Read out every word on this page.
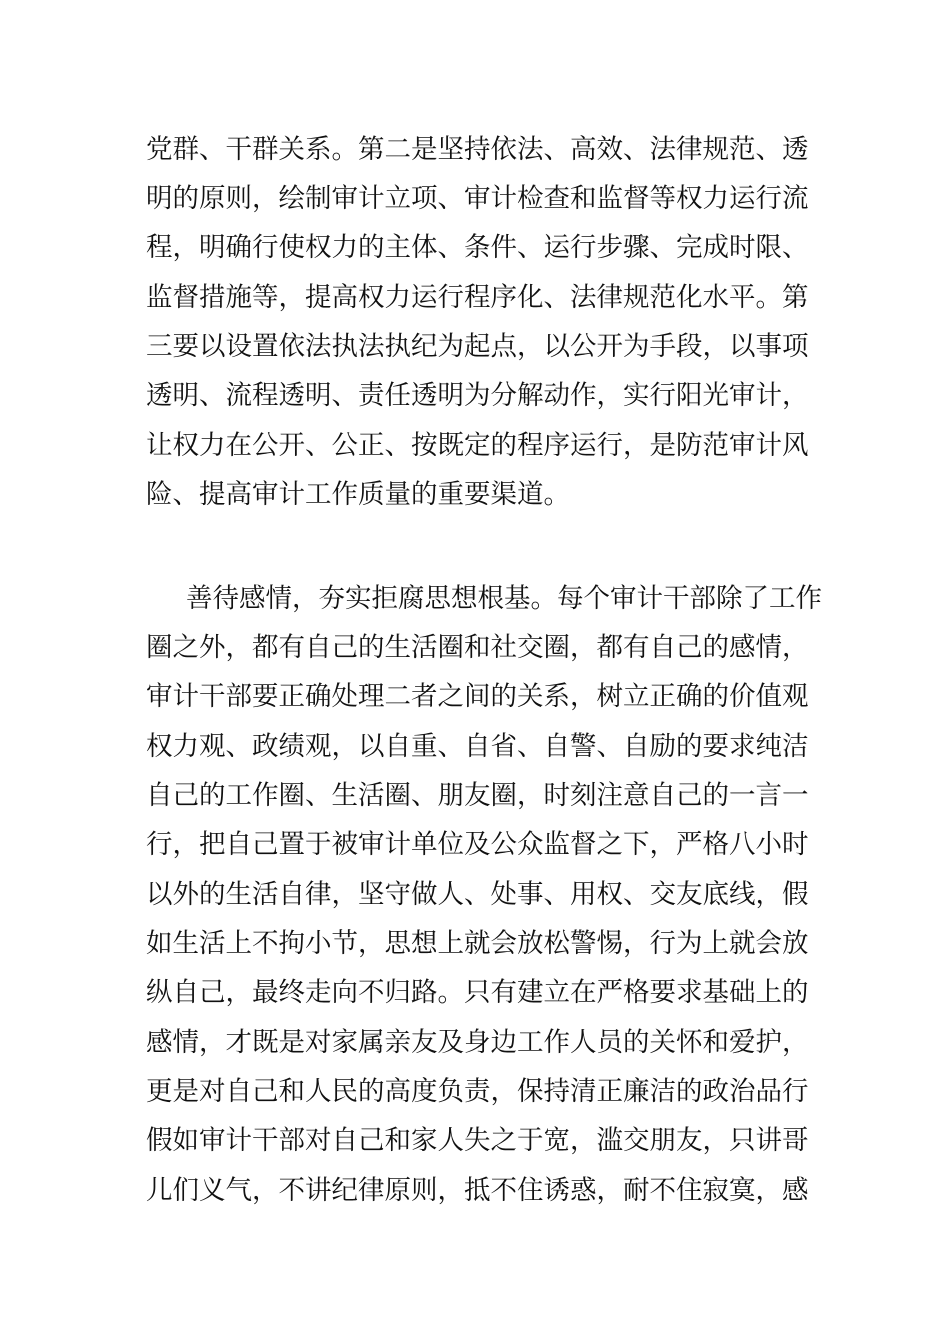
党群、干群关系。第二是坚持依法、高效、法律规范、透
明的原则，绘制审计立项、审计检查和监督等权力运行流
程，明确行使权力的主体、条件、运行步骤、完成时限、
监督措施等，提高权力运行程序化、法律规范化水平。第
三要以设置依法执法执纪为起点，以公开为手段，以事项
透明、流程透明、责任透明为分解动作，实行阳光审计，
让权力在公开、公正、按既定的程序运行，是防范审计风
险、提高审计工作质量的重要渠道。
善待感情，夯实拒腐思想根基。每个审计干部除了工作
圈之外，都有自己的生活圈和社交圈，都有自己的感情，
审计干部要正确处理二者之间的关系，树立正确的价值观
权力观、政绩观，以自重、自省、自警、自励的要求纯洁
自己的工作圈、生活圈、朋友圈，时刻注意自己的一言一
行，把自己置于被审计单位及公众监督之下，严格八小时
以外的生活自律，坚守做人、处事、用权、交友底线，假
如生活上不拘小节，思想上就会放松警惕，行为上就会放
纵自己，最终走向不归路。只有建立在严格要求基础上的
感情，才既是对家属亲友及身边工作人员的关怀和爱护，
更是对自己和人民的高度负责，保持清正廉洁的政治品行
假如审计干部对自己和家人失之于宽，滥交朋友，只讲哥
儿们义气，不讲纪律原则，抵不住诱惑，耐不住寂寞，感
